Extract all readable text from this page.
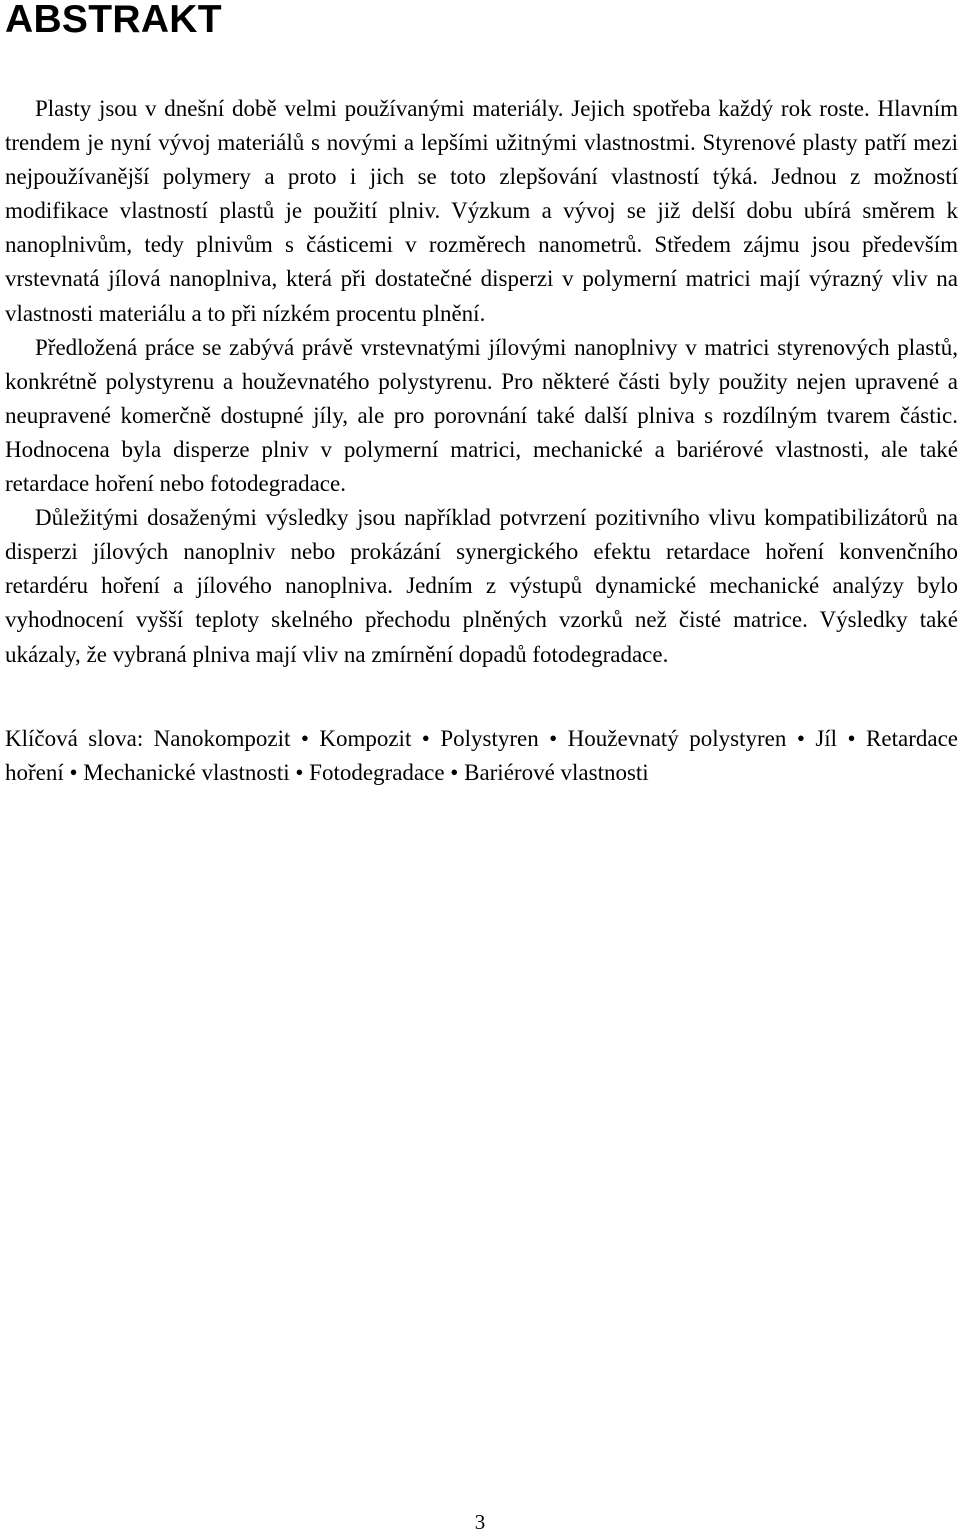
ABSTRAKT

Plasty jsou v dnešní době velmi používanými materiály. Jejich spotřeba každý rok roste. Hlavním trendem je nyní vývoj materiálů s novými a lepšími užitnými vlastnostmi. Styrenové plasty patří mezi nejpoužívanější polymery a proto i jich se toto zlepšování vlastností týká. Jednou z možností modifikace vlastností plastů je použití plniv. Výzkum a vývoj se již delší dobu ubírá směrem k nanoplnivům, tedy plnivům s částicemi v rozměrech nanometrů. Středem zájmu jsou především vrstevnatá jílová nanoplniva, která při dostatečné disperzi v polymerní matrici mají výrazný vliv na vlastnosti materiálu a to při nízkém procentu plnění.

Předložená práce se zabývá právě vrstevnatými jílovými nanoplnivy v matrici styrenových plastů, konkrétně polystyrenu a houževnatého polystyrenu. Pro některé části byly použity nejen upravené a neupravené komerčně dostupné jíly, ale pro porovnání také další plniva s rozdílným tvarem částic. Hodnocena byla disperze plniv v polymerní matrici, mechanické a bariérové vlastnosti, ale také retardace hoření nebo fotodegradace.

Důležitými dosaženými výsledky jsou například potvrzení pozitivního vlivu kompatibilizátorů na disperzi jílových nanoplniv nebo prokázání synergického efektu retardace hoření konvenčního retardéru hoření a jílového nanoplniva. Jedním z výstupů dynamické mechanické analýzy bylo vyhodnocení vyšší teploty skelného přechodu plněných vzorků než čisté matrice. Výsledky také ukázaly, že vybraná plniva mají vliv na zmírnění dopadů fotodegradace.

Klíčová slova: Nanokompozit • Kompozit • Polystyren • Houževnatý polystyren • Jíl • Retardace hoření • Mechanické vlastnosti • Fotodegradace • Bariérové vlastnosti

3
